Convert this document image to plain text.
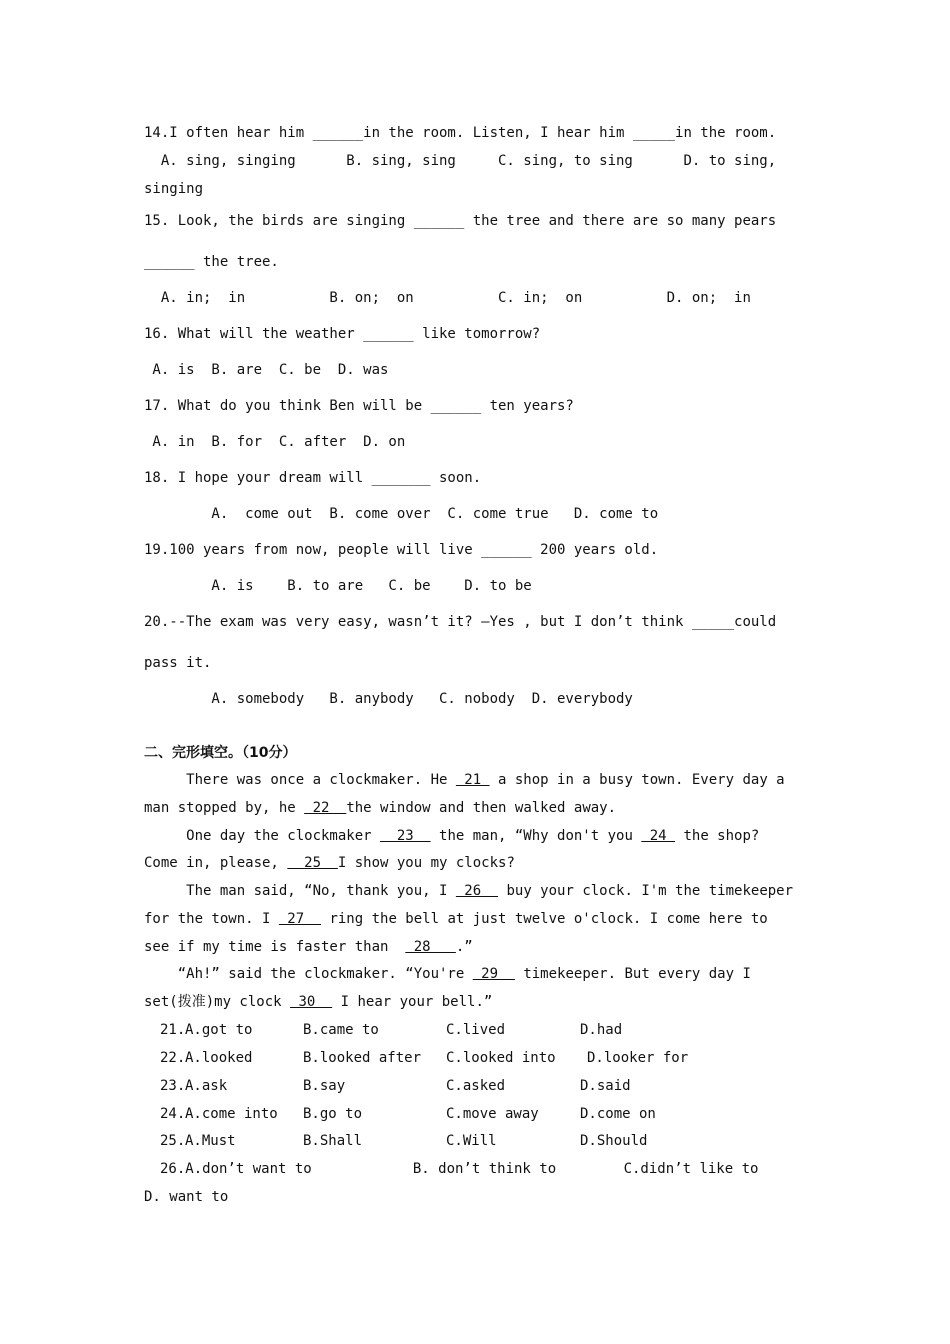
14.I often hear him ______in the room. Listen, I hear him _____in the room.
A. sing, singing      B. sing, sing     C. sing, to sing      D. to sing,
singing
15. Look, the birds are singing ______ the tree and there are so many pears
______ the tree.
A. in;  in          B. on;  on          C. in;  on          D. on;  in
16. What will the weather ______ like tomorrow?
A. is  B. are  C. be  D. was
17. What do you think Ben will be ______ ten years?
A. in  B. for  C. after  D. on
18. I hope your dream will _______ soon.
A.  come out  B. come over  C. come true   D. come to
19.100 years from now, people will live ______ 200 years old.
A. is    B. to are   C. be    D. to be
20.--The exam was very easy, wasn’t it? –Yes , but I don’t think _____could
pass it.
A. somebody   B. anybody   C. nobody  D. everybody
二、完形填空。（10分）
There was once a clockmaker. He  21  a shop in a busy town. Every day a
man stopped by, he  22  the window and then walked away.
One day the clockmaker   23   the man, “Why don't you  24  the shop?
Come in, please,   25  I show you my clocks?
The man said, “No, thank you, I  26   buy your clock. I'm the timekeeper
for the town. I  27   ring the bell at just twelve o'clock. I come here to
see if my time is faster than   28   .”
“Ah!” said the clockmaker. “You're  29   timekeeper. But every day I
set(拨准)my clock  30   I hear your bell.”
21. A.got to	B.came to	C.lived	D.had
22. A.looked	B.looked after C.looked into D.looker for
23. A.ask	B.say	C.asked	D.said
24. A.come into B.go to	C.move away	D.come on
25. A.Must	B.Shall	C.Will	D.Should
26.A.don’t want to            B. don’t think to        C.didn’t like to
D. want to
